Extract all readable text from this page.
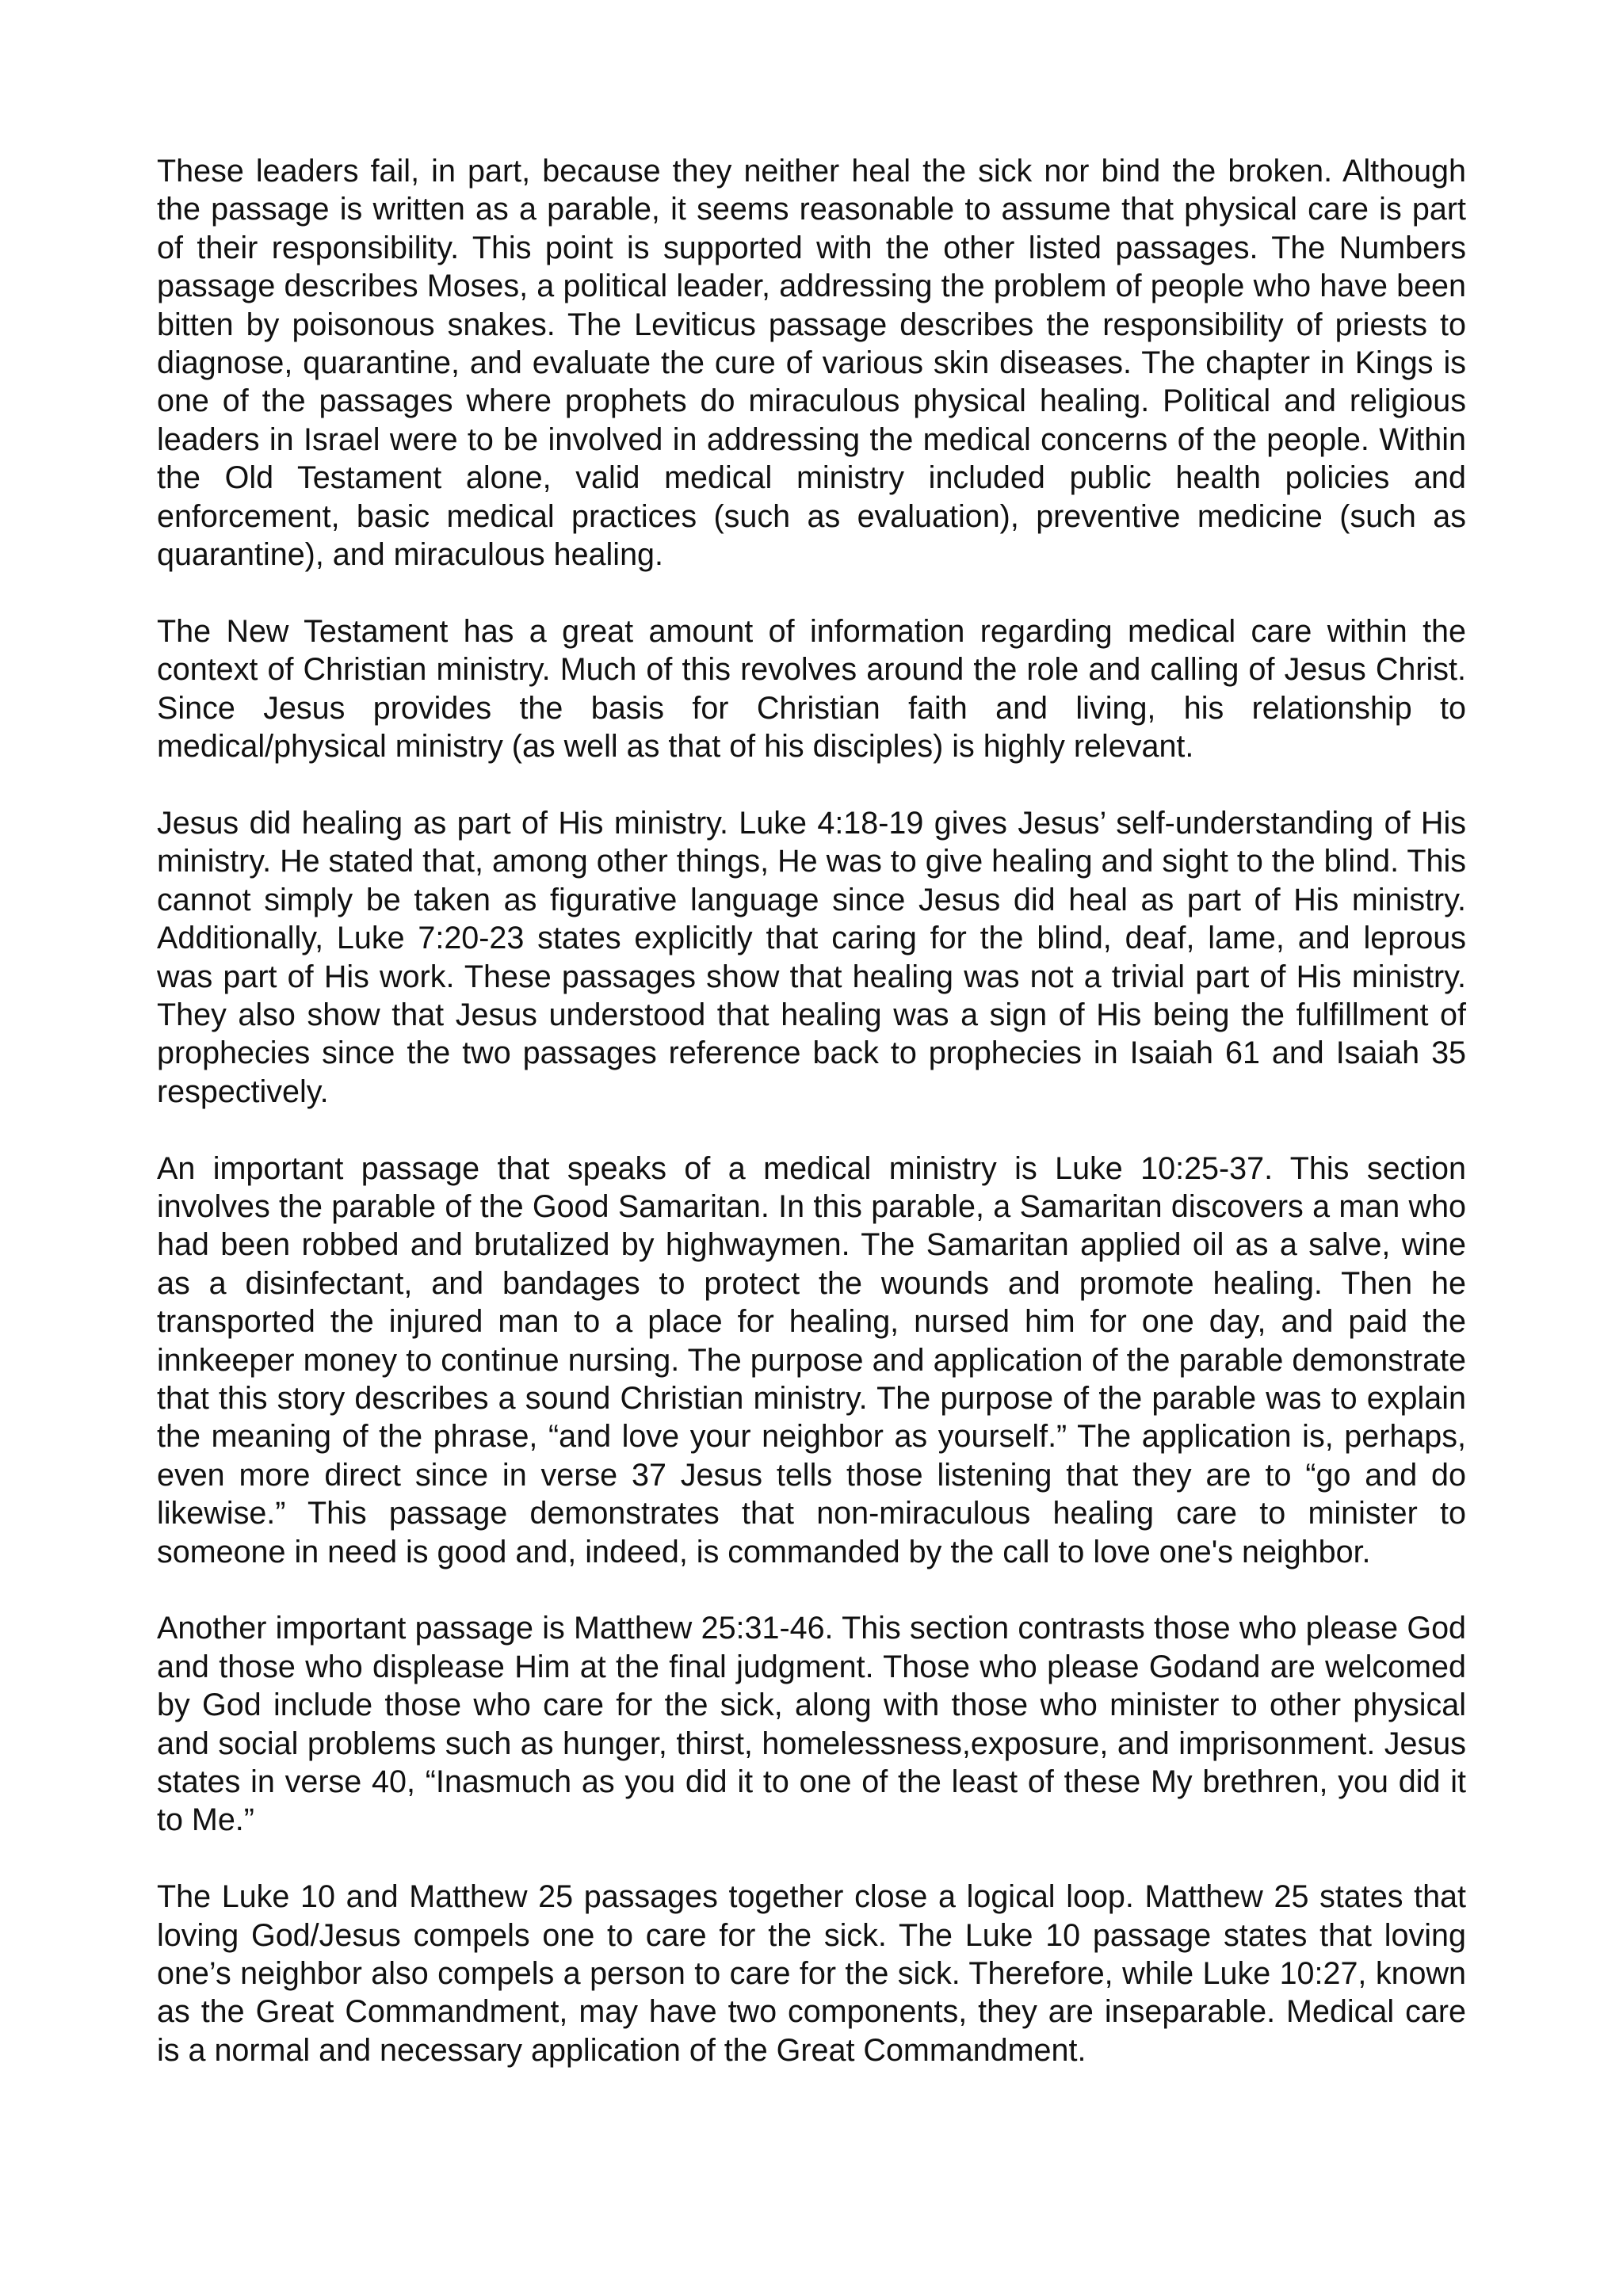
These leaders fail, in part, because they neither heal the sick nor bind the broken. Although the passage is written as a parable, it seems reasonable to assume that physical care is part of their responsibility. This point is supported with the other listed passages. The Numbers passage describes Moses, a political leader, addressing the problem of people who have been bitten by poisonous snakes. The Leviticus passage describes the responsibility of priests to diagnose, quarantine, and evaluate the cure of various skin diseases. The chapter in Kings is one of the passages where prophets do miraculous physical healing. Political and religious leaders in Israel were to be involved in addressing the medical concerns of the people. Within the Old Testament alone, valid medical ministry included public health policies and enforcement, basic medical practices (such as evaluation), preventive medicine (such as quarantine), and miraculous healing.

The New Testament has a great amount of information regarding medical care within the context of Christian ministry. Much of this revolves around the role and calling of Jesus Christ. Since Jesus provides the basis for Christian faith and living, his relationship to medical/physical ministry (as well as that of his disciples) is highly relevant.

Jesus did healing as part of His ministry. Luke 4:18-19 gives Jesus’ self-understanding of His ministry. He stated that, among other things, He was to give healing and sight to the blind. This cannot simply be taken as figurative language since Jesus did heal as part of His ministry. Additionally, Luke 7:20-23 states explicitly that caring for the blind, deaf, lame, and leprous was part of His work. These passages show that healing was not a trivial part of His ministry. They also show that Jesus understood that healing was a sign of His being the fulfillment of prophecies since the two passages reference back to prophecies in Isaiah 61 and Isaiah 35 respectively.

An important passage that speaks of a medical ministry is Luke 10:25-37. This section involves the parable of the Good Samaritan. In this parable, a Samaritan discovers a man who had been robbed and brutalized by highwaymen. The Samaritan applied oil as a salve, wine as a disinfectant, and bandages to protect the wounds and promote healing. Then he transported the injured man to a place for healing, nursed him for one day, and paid the innkeeper money to continue nursing. The purpose and application of the parable demonstrate that this story describes a sound Christian ministry. The purpose of the parable was to explain the meaning of the phrase, “and love your neighbor as yourself.” The application is, perhaps, even more direct since in verse 37 Jesus tells those listening that they are to “go and do likewise.” This passage demonstrates that non-miraculous healing care to minister to someone in need is good and, indeed, is commanded by the call to love one's neighbor.

Another important passage is Matthew 25:31-46. This section contrasts those who please God and those who displease Him at the final judgment. Those who please Godand are welcomed by God include those who care for the sick, along with those who minister to other physical and social problems such as hunger, thirst, homelessness,exposure, and imprisonment. Jesus states in verse 40, “Inasmuch as you did it to one of the least of these My brethren, you did it to Me.”

The Luke 10 and Matthew 25 passages together close a logical loop. Matthew 25 states that loving God/Jesus compels one to care for the sick. The Luke 10 passage states that loving one’s neighbor also compels a person to care for the sick. Therefore, while Luke 10:27, known as the Great Commandment, may have two components, they are inseparable. Medical care is a normal and necessary application of the Great Commandment.
